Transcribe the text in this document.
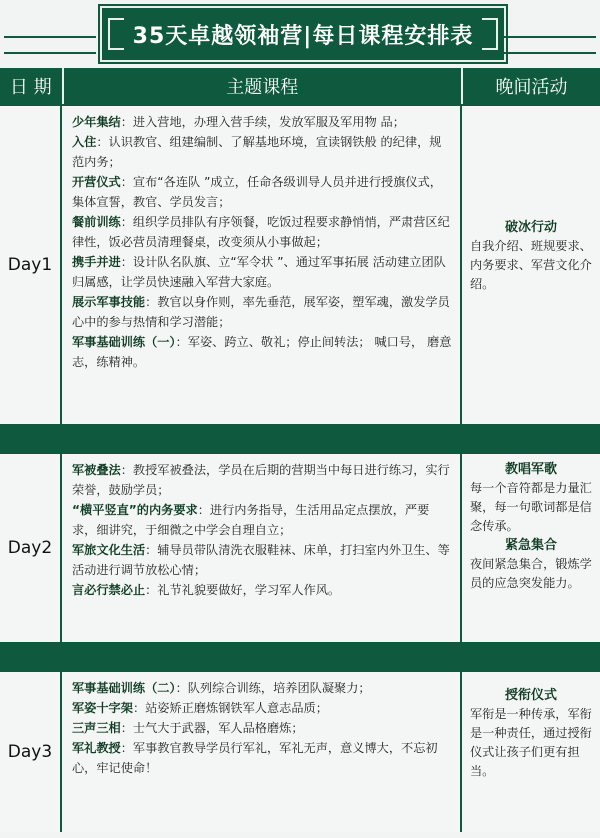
35天卓越领袖营|每日课程安排表
日 期	主题课程	晚间活动
Day1

少年集结：进入营地，办理入营手续，发放军服及军用物 品；

入住：认识教官、组建编制、了解基地环境，宣读钢铁般 的纪律，规范内务；

开营仪式：宣布“各连队 ”成立，任命各级训导人员并进行授旗仪式，集体宣誓，教官、学员发言；

餐前训练：组织学员排队有序领餐，吃饭过程要求静悄悄，严肃营区纪律性，饭必营员清理餐桌，改变须从小事做起；

携手并进：设计队名队旗、立“军令状 ”、通过军事拓展 活动建立团队归属感，让学员快速融入军营大家庭。

展示军事技能：教官以身作则，率先垂范，展军姿，塑军魂，激发学员心中的参与热情和学习潜能；

军事基础训练（一）：军姿、跨立、敬礼；停止间转法； 喊口号， 磨意志，练精神。

破冰行动

自我介绍、班规要求、内务要求、军营文化介绍。

Day2

军被叠法：教授军被叠法，学员在后期的营期当中每日进行练习，实行荣誉，鼓励学员；

“横平竖直”的内务要求：进行内务指导，生活用品定点摆放，严要求，细讲究，于细微之中学会自理自立；

军旅文化生活：辅导员带队清洗衣服鞋袜、床单，打扫室内外卫生、等活动进行调节放松心情；

言必行禁必止：礼节礼貌要做好，学习军人作风。

教唱军歌

每一个音符都是力量汇聚，每一句歌词都是信念传承。

紧急集合

夜间紧急集合，锻炼学员的应急突发能力。

Day3

军事基础训练（二）：队列综合训练，培养团队凝聚力；

军姿十字架：站姿矫正磨炼钢铁军人意志品质；

三声三相：士气大于武器，军人品格磨炼；

军礼教授：军事教官教导学员行军礼，军礼无声，意义博大，不忘初心，牢记使命！

授衔仪式

军衔是一种传承，军衔是一种责任，通过授衔仪式让孩子们更有担当。
